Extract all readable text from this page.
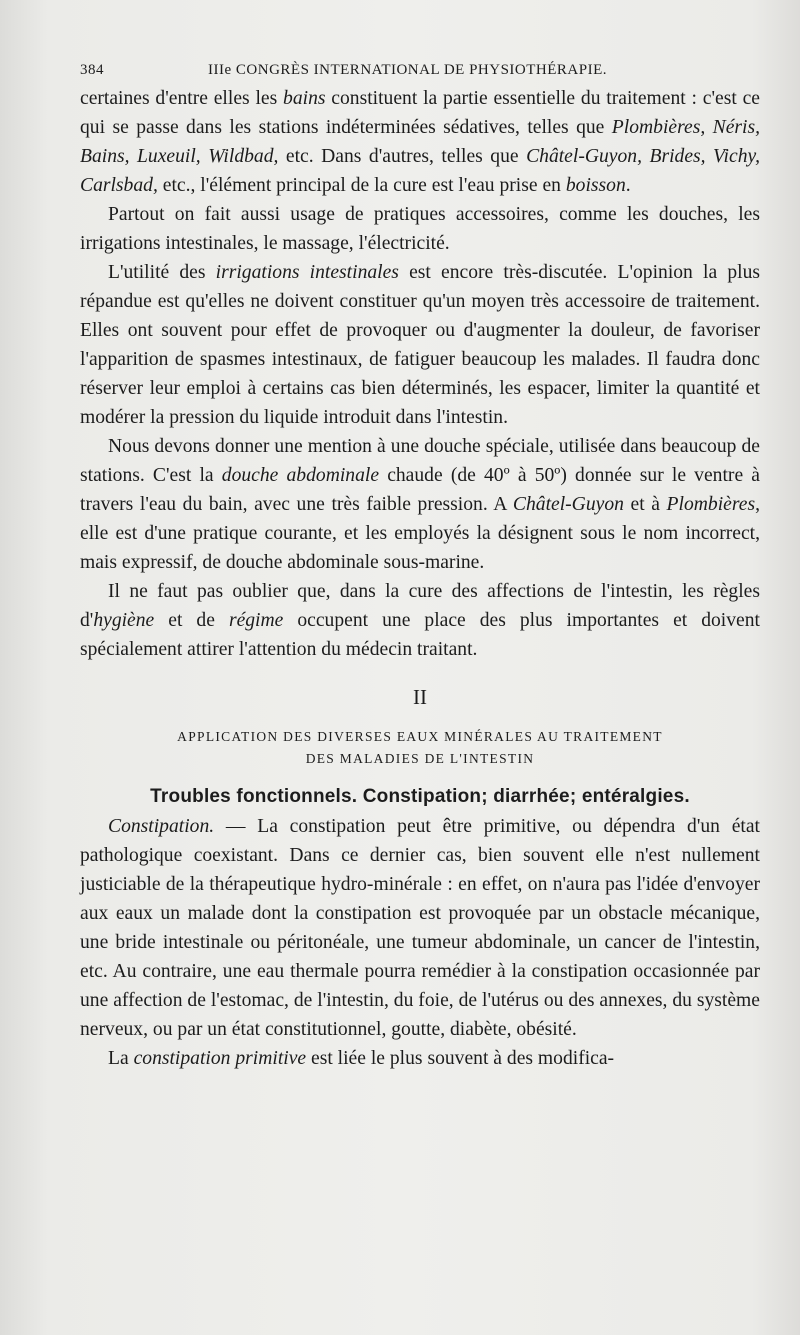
384	IIIe CONGRÈS INTERNATIONAL DE PHYSIOTHÉRAPIE.

certaines d'entre elles les bains constituent la partie essentielle du traitement : c'est ce qui se passe dans les stations indéterminées sédatives, telles que Plombières, Néris, Bains, Luxeuil, Wildbad, etc. Dans d'autres, telles que Châtel-Guyon, Brides, Vichy, Carlsbad, etc., l'élément principal de la cure est l'eau prise en boisson.

Partout on fait aussi usage de pratiques accessoires, comme les douches, les irrigations intestinales, le massage, l'électricité.

L'utilité des irrigations intestinales est encore très-discutée. L'opinion la plus répandue est qu'elles ne doivent constituer qu'un moyen très accessoire de traitement. Elles ont souvent pour effet de provoquer ou d'augmenter la douleur, de favoriser l'apparition de spasmes intestinaux, de fatiguer beaucoup les malades. Il faudra donc réserver leur emploi à certains cas bien déterminés, les espacer, limiter la quantité et modérer la pression du liquide introduit dans l'intestin.

Nous devons donner une mention à une douche spéciale, utilisée dans beaucoup de stations. C'est la douche abdominale chaude (de 40º à 50º) donnée sur le ventre à travers l'eau du bain, avec une très faible pression. A Châtel-Guyon et à Plombières, elle est d'une pratique courante, et les employés la désignent sous le nom incorrect, mais expressif, de douche abdominale sous-marine.

Il ne faut pas oublier que, dans la cure des affections de l'intestin, les règles d'hygiène et de régime occupent une place des plus importantes et doivent spécialement attirer l'attention du médecin traitant.

II
APPLICATION DES DIVERSES EAUX MINÉRALES AU TRAITEMENT
DES MALADIES DE L'INTESTIN
Troubles fonctionnels. Constipation; diarrhée; entéralgies.

Constipation. — La constipation peut être primitive, ou dépendra d'un état pathologique coexistant. Dans ce dernier cas, bien souvent elle n'est nullement justiciable de la thérapeutique hydro-minérale : en effet, on n'aura pas l'idée d'envoyer aux eaux un malade dont la constipation est provoquée par un obstacle mécanique, une bride intestinale ou péritonéale, une tumeur abdominale, un cancer de l'intestin, etc. Au contraire, une eau thermale pourra remédier à la constipation occasionnée par une affection de l'estomac, de l'intestin, du foie, de l'utérus ou des annexes, du système nerveux, ou par un état constitutionnel, goutte, diabète, obésité.

La constipation primitive est liée le plus souvent à des modifica-
